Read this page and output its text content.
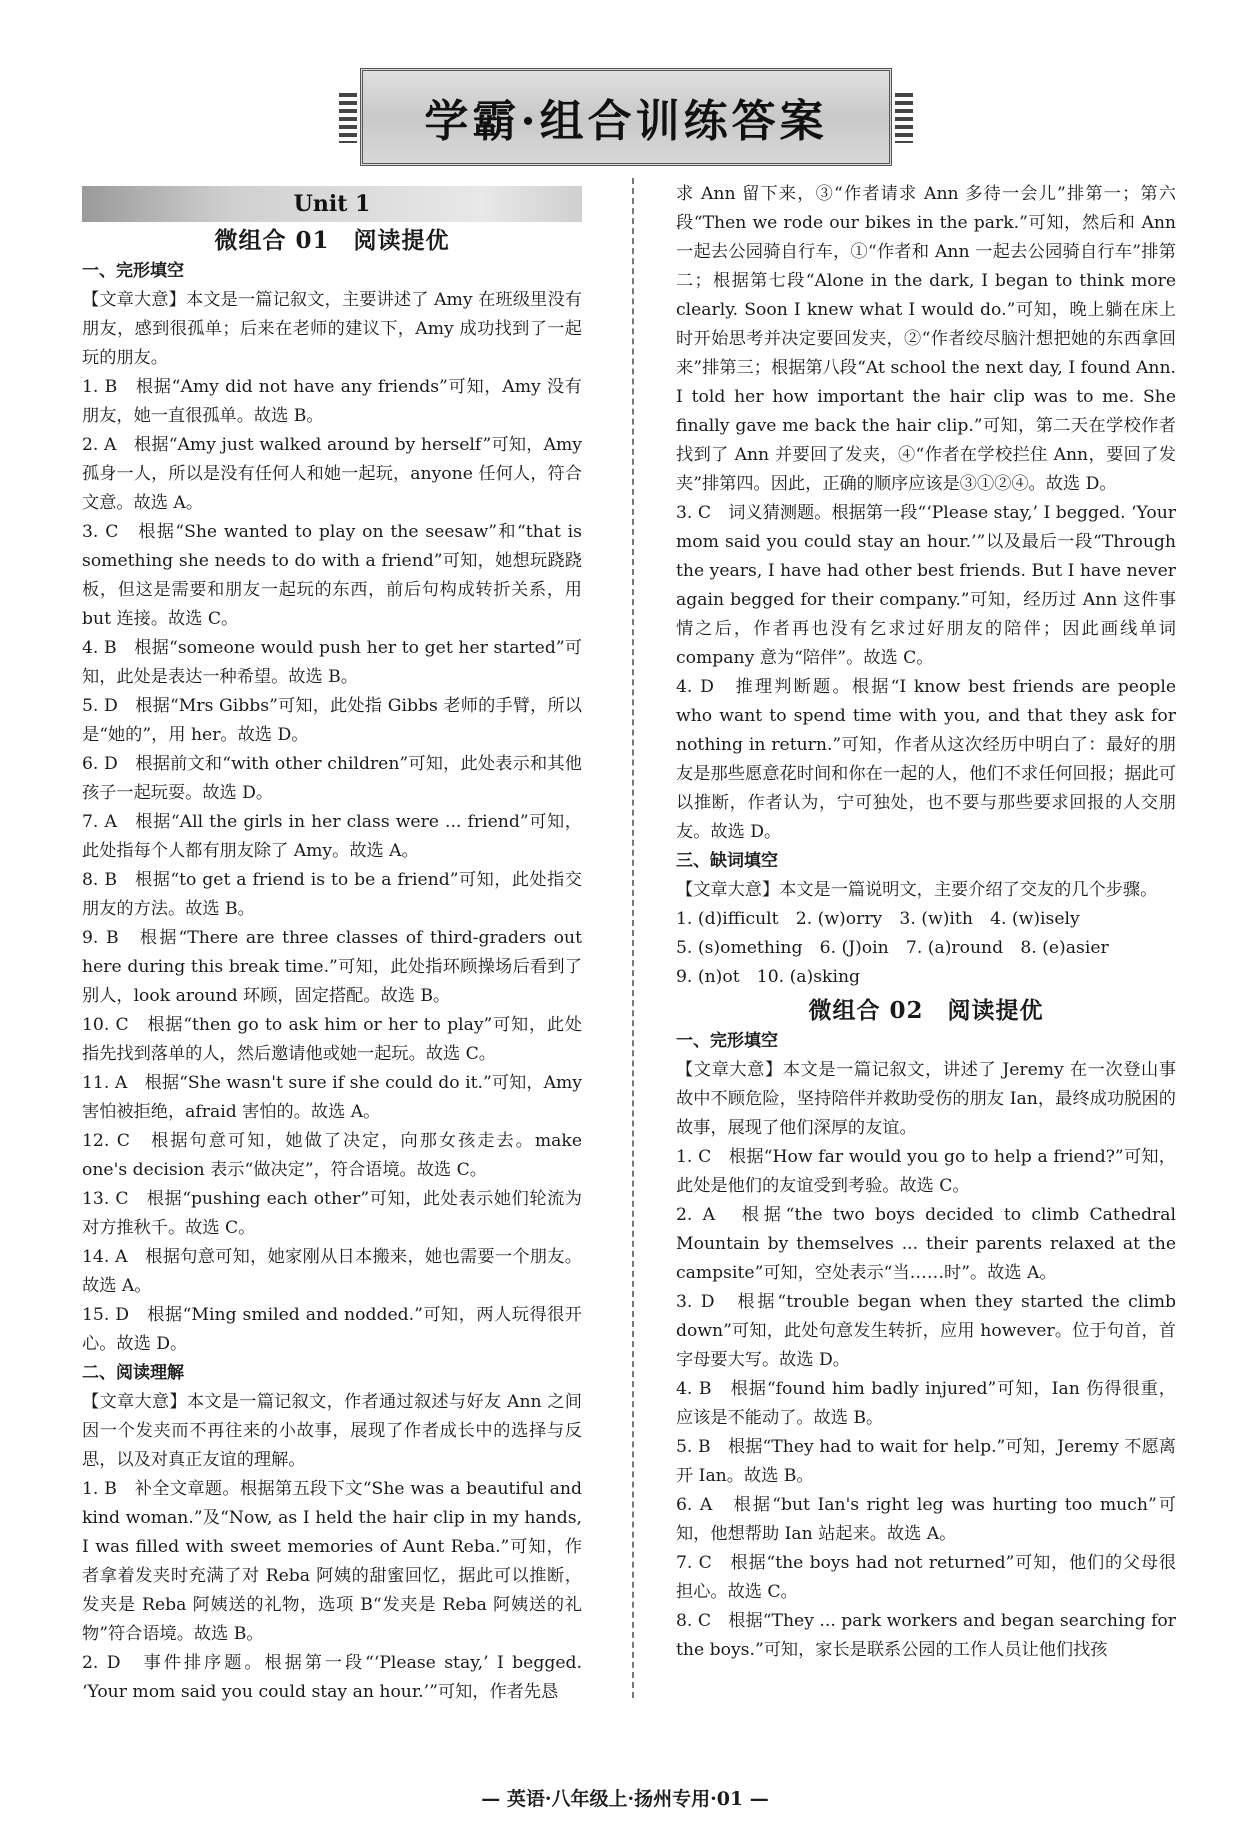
学霸·组合训练答案
Unit 1
微组合 01　阅读提优
一、完形填空

【文章大意】本文是一篇记叙文，主要讲述了 Amy 在班级里没有朋友，感到很孤单；后来在老师的建议下，Amy 成功找到了一起玩的朋友。

1. B　根据“Amy did not have any friends”可知，Amy 没有朋友，她一直很孤单。故选 B。

2. A　根据“Amy just walked around by herself”可知，Amy 孤身一人，所以是没有任何人和她一起玩，anyone 任何人，符合文意。故选 A。

3. C　根据“She wanted to play on the seesaw”和“that is something she needs to do with a friend”可知，她想玩跷跷板，但这是需要和朋友一起玩的东西，前后句构成转折关系，用 but 连接。故选 C。

4. B　根据“someone would push her to get her started”可知，此处是表达一种希望。故选 B。

5. D　根据“Mrs Gibbs”可知，此处指 Gibbs 老师的手臂，所以是“她的”，用 her。故选 D。

6. D　根据前文和“with other children”可知，此处表示和其他孩子一起玩耍。故选 D。

7. A　根据“All the girls in her class were ... friend”可知，此处指每个人都有朋友除了 Amy。故选 A。

8. B　根据“to get a friend is to be a friend”可知，此处指交朋友的方法。故选 B。

9. B　根据“There are three classes of third-graders out here during this break time.”可知，此处指环顾操场后看到了别人，look around 环顾，固定搭配。故选 B。

10. C　根据“then go to ask him or her to play”可知，此处指先找到落单的人，然后邀请他或她一起玩。故选 C。

11. A　根据“She wasn't sure if she could do it.”可知，Amy 害怕被拒绝，afraid 害怕的。故选 A。

12. C　根据句意可知，她做了决定，向那女孩走去。make one's decision 表示“做决定”，符合语境。故选 C。

13. C　根据“pushing each other”可知，此处表示她们轮流为对方推秋千。故选 C。

14. A　根据句意可知，她家刚从日本搬来，她也需要一个朋友。故选 A。

15. D　根据“Ming smiled and nodded.”可知，两人玩得很开心。故选 D。

二、阅读理解

【文章大意】本文是一篇记叙文，作者通过叙述与好友 Ann 之间因一个发夹而不再往来的小故事，展现了作者成长中的选择与反思，以及对真正友谊的理解。

1. B　补全文章题。根据第五段下文“She was a beautiful and kind woman.”及“Now, as I held the hair clip in my hands, I was filled with sweet memories of Aunt Reba.”可知，作者拿着发夹时充满了对 Reba 阿姨的甜蜜回忆，据此可以推断，发夹是 Reba 阿姨送的礼物，选项 B“发夹是 Reba 阿姨送的礼物”符合语境。故选 B。

2. D　事件排序题。根据第一段“‘Please stay,’ I begged. ‘Your mom said you could stay an hour.’”可知，作者先恳

求 Ann 留下来，③“作者请求 Ann 多待一会儿”排第一；第六段“Then we rode our bikes in the park.”可知，然后和 Ann 一起去公园骑自行车，①“作者和 Ann 一起去公园骑自行车”排第二；根据第七段“Alone in the dark, I began to think more clearly. Soon I knew what I would do.”可知，晚上躺在床上时开始思考并决定要回发夹，②“作者绞尽脑汁想把她的东西拿回来”排第三；根据第八段“At school the next day, I found Ann. I told her how important the hair clip was to me. She finally gave me back the hair clip.”可知，第二天在学校作者找到了 Ann 并要回了发夹，④“作者在学校拦住 Ann，要回了发夹”排第四。因此，正确的顺序应该是③①②④。故选 D。

3. C　词义猜测题。根据第一段“‘Please stay,’ I begged. ‘Your mom said you could stay an hour.’”以及最后一段“Through the years, I have had other best friends. But I have never again begged for their company.”可知，经历过 Ann 这件事情之后，作者再也没有乞求过好朋友的陪伴；因此画线单词 company 意为“陪伴”。故选 C。

4. D　推理判断题。根据“I know best friends are people who want to spend time with you, and that they ask for nothing in return.”可知，作者从这次经历中明白了：最好的朋友是那些愿意花时间和你在一起的人，他们不求任何回报；据此可以推断，作者认为，宁可独处，也不要与那些要求回报的人交朋友。故选 D。

三、缺词填空

【文章大意】本文是一篇说明文，主要介绍了交友的几个步骤。

1. (d)ifficult　2. (w)orry　3. (w)ith　4. (w)isely

5. (s)omething　6. (J)oin　7. (a)round　8. (e)asier

9. (n)ot　10. (a)sking

微组合 02　阅读提优
一、完形填空

【文章大意】本文是一篇记叙文，讲述了 Jeremy 在一次登山事故中不顾危险，坚持陪伴并救助受伤的朋友 Ian，最终成功脱困的故事，展现了他们深厚的友谊。

1. C　根据“How far would you go to help a friend?”可知，此处是他们的友谊受到考验。故选 C。

2. A　根据“the two boys decided to climb Cathedral Mountain by themselves ... their parents relaxed at the campsite”可知，空处表示“当……时”。故选 A。

3. D　根据“trouble began when they started the climb down”可知，此处句意发生转折，应用 however。位于句首，首字母要大写。故选 D。

4. B　根据“found him badly injured”可知，Ian 伤得很重，应该是不能动了。故选 B。

5. B　根据“They had to wait for help.”可知，Jeremy 不愿离开 Ian。故选 B。

6. A　根据“but Ian's right leg was hurting too much”可知，他想帮助 Ian 站起来。故选 A。

7. C　根据“the boys had not returned”可知，他们的父母很担心。故选 C。

8. C　根据“They ... park workers and began searching for the boys.”可知，家长是联系公园的工作人员让他们找孩

— 英语·八年级上·扬州专用·01 —
